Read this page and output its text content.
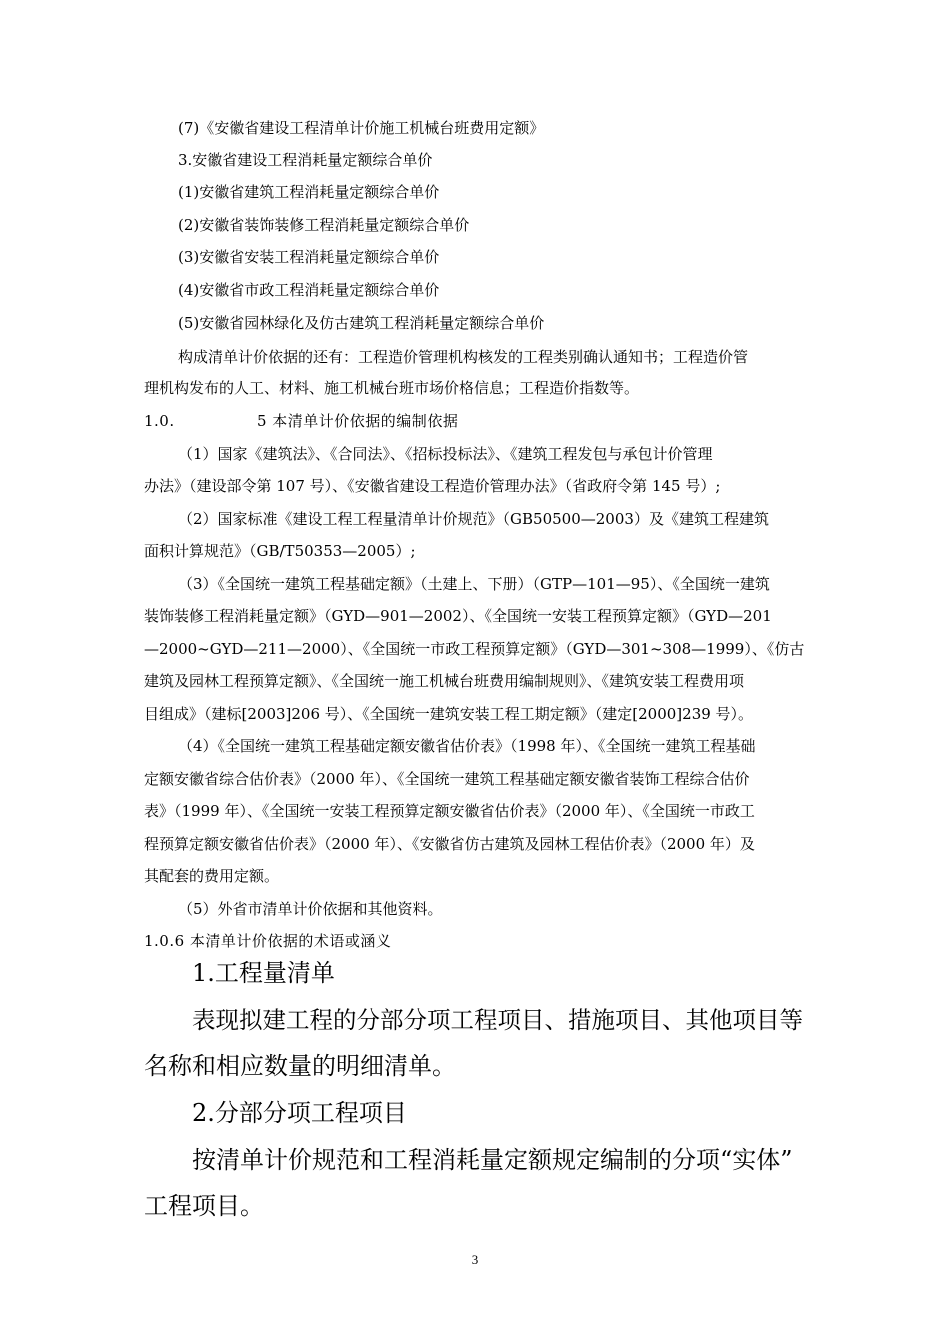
(7)《安徽省建设工程清单计价施工机械台班费用定额》
3.安徽省建设工程消耗量定额综合单价
(1)安徽省建筑工程消耗量定额综合单价
(2)安徽省装饰装修工程消耗量定额综合单价
(3)安徽省安装工程消耗量定额综合单价
(4)安徽省市政工程消耗量定额综合单价
(5)安徽省园林绿化及仿古建筑工程消耗量定额综合单价
构成清单计价依据的还有：工程造价管理机构核发的工程类别确认通知书；工程造价管
理机构发布的人工、材料、施工机械台班市场价格信息；工程造价指数等。
1.0.	5 本清单计价依据的编制依据
（1）国家《建筑法》、《合同法》、《招标投标法》、《建筑工程发包与承包计价管理
办法》（建设部令第 107 号）、《安徽省建设工程造价管理办法》（省政府令第 145 号）;
（2）国家标准《建设工程工程量清单计价规范》（GB50500—2003）及《建筑工程建筑
面积计算规范》（GB/T50353—2005）;
（3）《全国统一建筑工程基础定额》（土建上、下册）（GTP—101—95）、《全国统一建筑
装饰装修工程消耗量定额》（GYD—901—2002）、《全国统一安装工程预算定额》（GYD—201
—2000~GYD—211—2000）、《全国统一市政工程预算定额》（GYD—301~308—1999）、《仿古
建筑及园林工程预算定额》、《全国统一施工机械台班费用编制规则》、《建筑安装工程费用项
目组成》（建标[2003]206 号）、《全国统一建筑安装工程工期定额》（建定[2000]239 号）。
（4）《全国统一建筑工程基础定额安徽省估价表》（1998 年）、《全国统一建筑工程基础
定额安徽省综合估价表》（2000 年）、《全国统一建筑工程基础定额安徽省装饰工程综合估价
表》（1999 年）、《全国统一安装工程预算定额安徽省估价表》（2000 年）、《全国统一市政工
程预算定额安徽省估价表》（2000 年）、《安徽省仿古建筑及园林工程估价表》（2000 年）及
其配套的费用定额。
（5）外省市清单计价依据和其他资料。
1.0.6 本清单计价依据的术语或涵义
1.工程量清单
表现拟建工程的分部分项工程项目、措施项目、其他项目等
名称和相应数量的明细清单。
2.分部分项工程项目
按清单计价规范和工程消耗量定额规定编制的分项“实体”
工程项目。
3
